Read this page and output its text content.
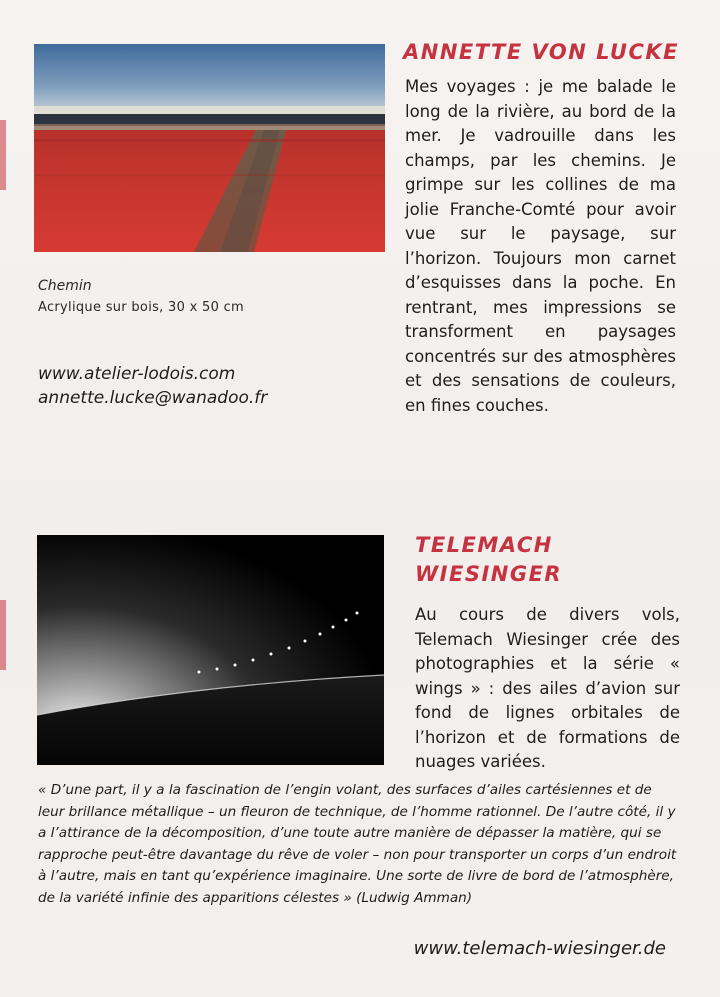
Chemin
Acrylique sur bois, 30 x 50 cm
www.atelier-lodois.com
annette.lucke@wanadoo.fr
ANNETTE VON LUCKE

Mes voyages : je me balade le long de la rivière, au bord de la mer. Je vadrouille dans les champs, par les chemins. Je grimpe sur les collines de ma jolie Franche-Comté pour avoir vue sur le paysage, sur l’horizon. Toujours mon carnet d’esquisses dans la poche. En rentrant, mes impressions se transforment en paysages concentrés sur des atmosphères et des sensations de couleurs, en fines couches.

TELEMACH WIESINGER

Au cours de divers vols, Telemach Wiesinger crée des photographies et la série « wings » : des ailes d’avion sur fond de lignes orbitales de l’horizon et de formations de nuages variées.

« D’une part, il y a la fascination de l’engin volant, des surfaces d’ailes cartésiennes et de leur brillance métallique – un fleuron de technique, de l’homme rationnel. De l’autre côté, il y a l’attirance de la décomposition, d’une toute autre manière de dépasser la matière, qui se rapproche peut-être davantage du rêve de voler – non pour transporter un corps d’un endroit à l’autre, mais en tant qu’expérience imaginaire. Une sorte de livre de bord de l’atmosphère, de la variété infinie des apparitions célestes » (Ludwig Amman)

www.telemach-wiesinger.de
